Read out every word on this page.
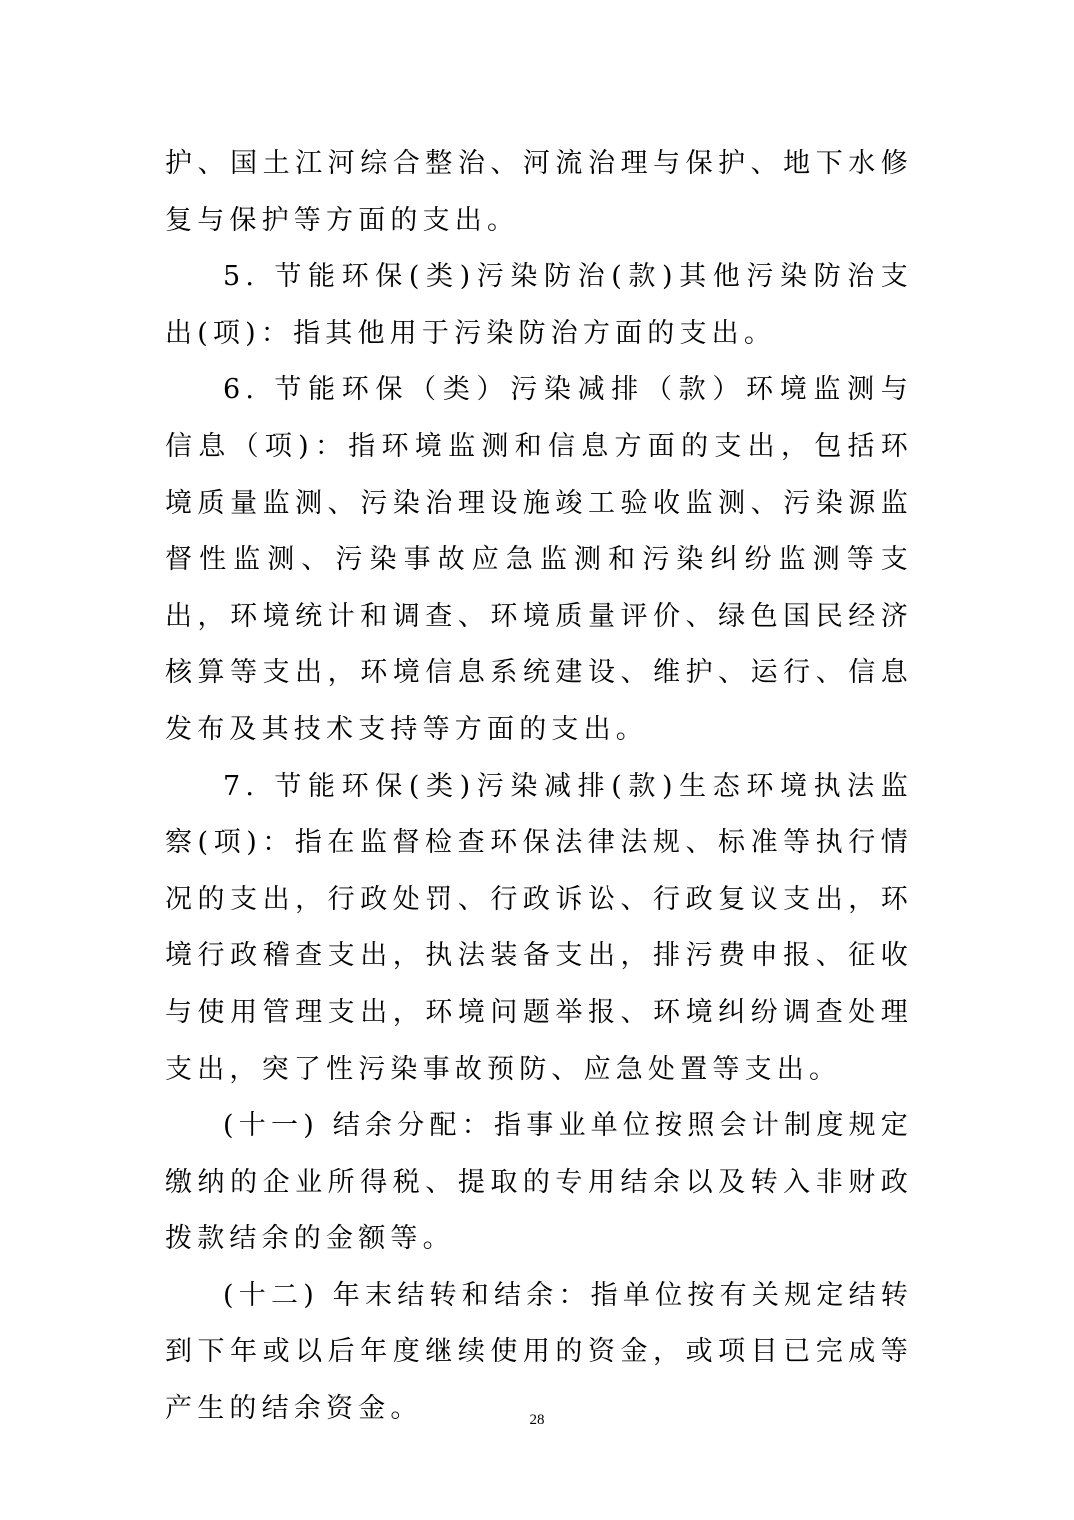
护、国土江河综合整治、河流治理与保护、地下水修复与保护等方面的支出。

5. 节能环保(类)污染防治(款)其他污染防治支出(项)：指其他用于污染防治方面的支出。

6. 节能环保（类）污染减排（款）环境监测与信息（项)：指环境监测和信息方面的支出，包括环境质量监测、污染治理设施竣工验收监测、污染源监督性监测、污染事故应急监测和污染纠纷监测等支出，环境统计和调查、环境质量评价、绿色国民经济核算等支出，环境信息系统建设、维护、运行、信息发布及其技术支持等方面的支出。

7. 节能环保(类)污染减排(款)生态环境执法监察(项)：指在监督检查环保法律法规、标准等执行情况的支出，行政处罚、行政诉讼、行政复议支出，环境行政稽查支出，执法装备支出，排污费申报、征收与使用管理支出，环境问题举报、环境纠纷调查处理支出，突了性污染事故预防、应急处置等支出。

(十一) 结余分配：指事业单位按照会计制度规定缴纳的企业所得税、提取的专用结余以及转入非财政拨款结余的金额等。

(十二) 年末结转和结余：指单位按有关规定结转到下年或以后年度继续使用的资金，或项目已完成等产生的结余资金。	28
